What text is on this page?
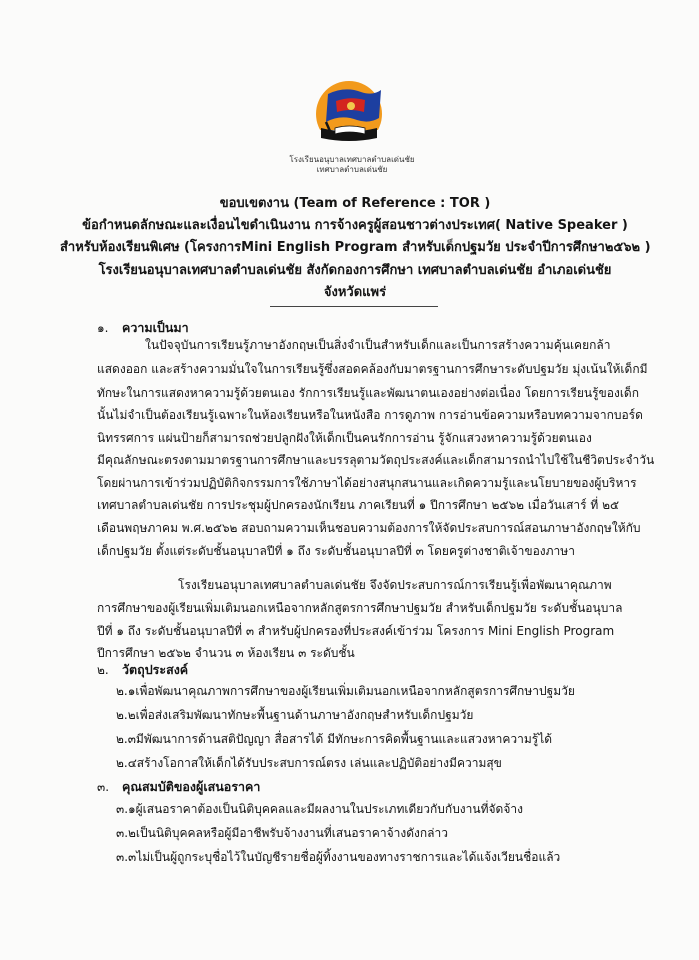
โรงเรียนอนุบาลเทศบาลตำบลเด่นชัย
เทศบาลตำบลเด่นชัย
ขอบเขตงาน (Team of Reference : TOR )
ข้อกำหนดลักษณะและเงื่อนไขดำเนินงาน การจ้างครูผู้สอนชาวต่างประเทศ( Native Speaker )
สำหรับห้องเรียนพิเศษ (โครงการMini English Program สำหรับเด็กปฐมวัย ประจำปีการศึกษา๒๕๖๒ )
โรงเรียนอนุบาลเทศบาลตำบลเด่นชัย สังกัดกองการศึกษา เทศบาลตำบลเด่นชัย อำเภอเด่นชัย
จังหวัดแพร่
๑. ความเป็นมา
ในปัจจุบันการเรียนรู้ภาษาอังกฤษเป็นสิ่งจำเป็นสำหรับเด็กและเป็นการสร้างความคุ้นเคยกล้า
แสดงออก และสร้างความมั่นใจในการเรียนรู้ซึ่งสอดคล้องกับมาตรฐานการศึกษาระดับปฐมวัย มุ่งเน้นให้เด็กมี
ทักษะในการแสดงหาความรู้ด้วยตนเอง รักการเรียนรู้และพัฒนาตนเองอย่างต่อเนื่อง โดยการเรียนรู้ของเด็ก
นั้นไม่จำเป็นต้องเรียนรู้เฉพาะในห้องเรียนหรือในหนังสือ การดูภาพ การอ่านข้อความหรือบทความจากบอร์ด
นิทรรศการ แผ่นป้ายก็สามารถช่วยปลูกฝังให้เด็กเป็นคนรักการอ่าน รู้จักแสวงหาความรู้ด้วยตนเอง
มีคุณลักษณะตรงตามมาตรฐานการศึกษาและบรรลุตามวัตถุประสงค์และเด็กสามารถนำไปใช้ในชีวิตประจำวัน
โดยผ่านการเข้าร่วมปฏิบัติกิจกรรมการใช้ภาษาได้อย่างสนุกสนานและเกิดความรู้และนโยบายของผู้บริหาร
เทศบาลตำบลเด่นชัย การประชุมผู้ปกครองนักเรียน ภาคเรียนที่ ๑ ปีการศึกษา ๒๕๖๒ เมื่อวันเสาร์ ที่ ๒๕
เดือนพฤษภาคม พ.ศ.๒๕๖๒ สอบถามความเห็นชอบความต้องการให้จัดประสบการณ์สอนภาษาอังกฤษให้กับ
เด็กปฐมวัย ตั้งแต่ระดับชั้นอนุบาลปีที่ ๑ ถึง ระดับชั้นอนุบาลปีที่ ๓ โดยครูต่างชาติเจ้าของภาษา
โรงเรียนอนุบาลเทศบาลตำบลเด่นชัย จึงจัดประสบการณ์การเรียนรู้เพื่อพัฒนาคุณภาพ
การศึกษาของผู้เรียนเพิ่มเติมนอกเหนือจากหลักสูตรการศึกษาปฐมวัย สำหรับเด็กปฐมวัย ระดับชั้นอนุบาล
ปีที่ ๑ ถึง ระดับชั้นอนุบาลปีที่ ๓ สำหรับผู้ปกครองที่ประสงค์เข้าร่วม โครงการ Mini English Program
ปีการศึกษา ๒๕๖๒ จำนวน ๓ ห้องเรียน ๓ ระดับชั้น
๒. วัตถุประสงค์
๒.๑เพื่อพัฒนาคุณภาพการศึกษาของผู้เรียนเพิ่มเติมนอกเหนือจากหลักสูตรการศึกษาปฐมวัย
๒.๒เพื่อส่งเสริมพัฒนาทักษะพื้นฐานด้านภาษาอังกฤษสำหรับเด็กปฐมวัย
๒.๓มีพัฒนาการด้านสติปัญญา สื่อสารได้ มีทักษะการคิดพื้นฐานและแสวงหาความรู้ได้
๒.๔สร้างโอกาสให้เด็กได้รับประสบการณ์ตรง เล่นและปฏิบัติอย่างมีความสุข
๓. คุณสมบัติของผู้เสนอราคา
๓.๑ผู้เสนอราคาต้องเป็นนิติบุคคลและมีผลงานในประเภทเดียวกับกับงานที่จัดจ้าง
๓.๒เป็นนิติบุคคลหรือผู้มีอาชีพรับจ้างงานที่เสนอราคาจ้างดังกล่าว
๓.๓ไม่เป็นผู้ถูกระบุชื่อไว้ในบัญชีรายชื่อผู้ทิ้งงานของทางราชการและได้แจ้งเวียนชื่อแล้ว
